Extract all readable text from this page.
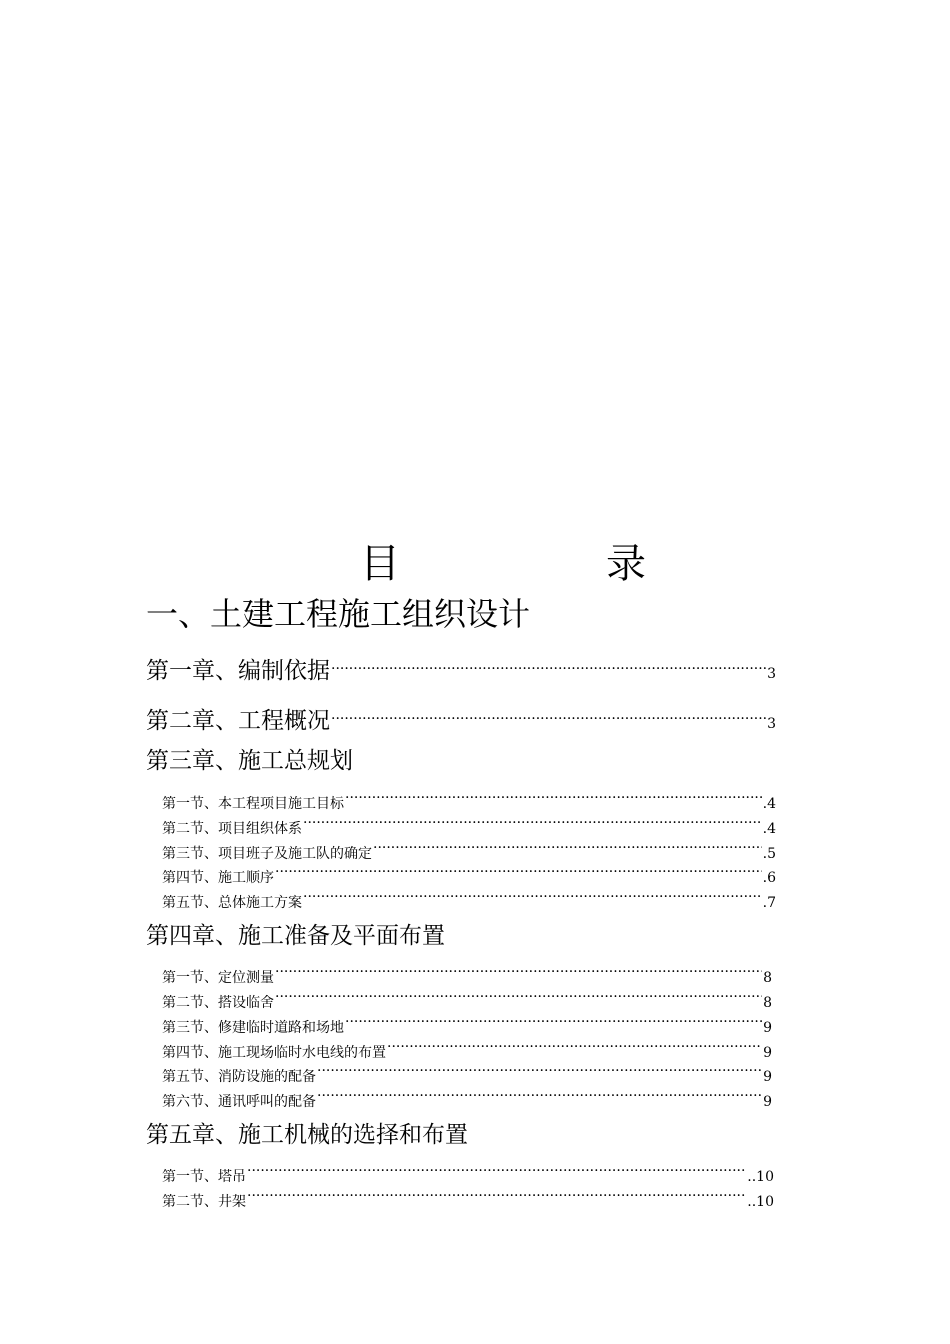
目	录
一、土建工程施工组织设计
第一章、编制依据 ·····	3
第二章、工程概况 ·····	3
第三章、施工总规划
第一节、本工程项目施工目标 ·····	.4
第二节、项目组织体系 ·····	.4
第三节、项目班子及施工队的确定 ·····	.5
第四节、施工顺序 ·····	.6
第五节、总体施工方案 ·····	.7
第四章、施工准备及平面布置
第一节、定位测量 ·····	8
第二节、搭设临舍 ·····	8
第三节、修建临时道路和场地 ·····	9
第四节、施工现场临时水电线的布置 ·····	9
第五节、消防设施的配备 ·····	9
第六节、通讯呼叫的配备 ·····	9
第五章、施工机械的选择和布置
第一节、塔吊 ·····	..10
第二节、井架 ·····	..10
